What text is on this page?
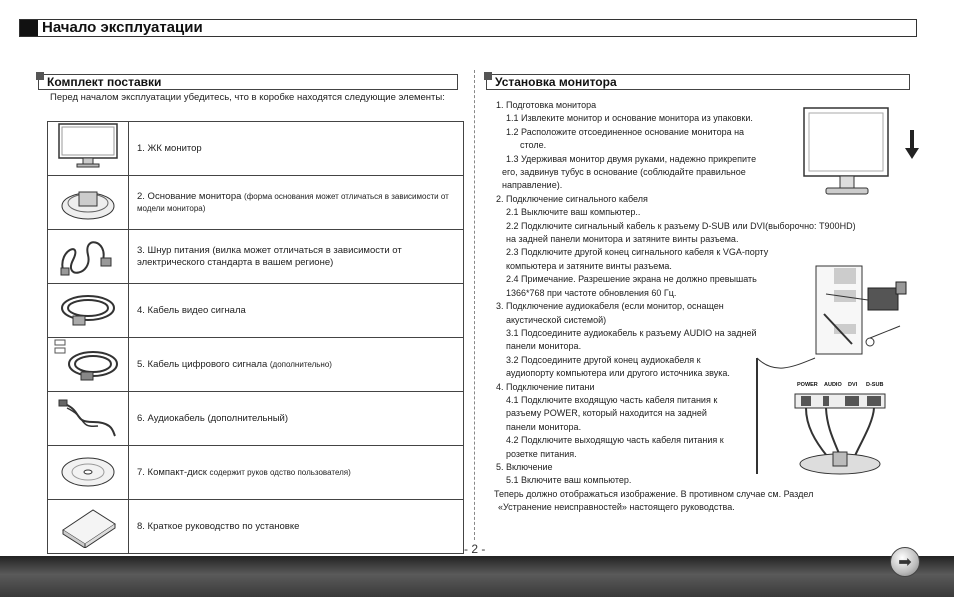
Начало эксплуатации
Комплект поставки
Перед началом эксплуатации убедитесь, что в коробке находятся следующие элементы:
	1. ЖК монитор
	2. Основание монитора (форма основания может отличаться в зависимости от модели монитора)
	3. Шнур питания (вилка может отличаться в зависимости от электрического стандарта в вашем регионе)
	4. Кабель видео сигнала
	5. Кабель цифрового сигнала (дополнительно)
	6. Аудиокабель (дополнительный)
	7. Компакт-диск содержит руков одство пользователя)
	8. Краткое руководство по установке
Установка монитора
1. Подготовка монитора
1.1 Извлеките монитор и основание монитора из упаковки.
1.2 Расположите отсоединенное основание монитора на
столе.
1.3 Удерживая монитор двумя руками, надежно прикрепите
его, задвинув тубус в основание (соблюдайте правильное
направление).
2. Подключение сигнального кабеля
2.1 Выключите ваш компьютер..
2.2 Подключите сигнальный кабель к разъему D-SUB или DVI(выборочно: T900HD)
на задней панели монитора и затяните винты разъема.
2.3 Подключите другой конец сигнального кабеля к VGA-порту
компьютера и затяните винты разъема.
2.4 Примечание. Разрешение экрана не должно превышать
1366*768 при частоте обновления 60 Гц.
3. Подключение аудиокабеля (если монитор, оснащен
акустической системой)
3.1 Подсоедините аудиокабель к разъему AUDIO на задней
панели монитора.
3.2 Подсоедините другой конец аудиокабеля к
аудиопорту компьютера или другого источника звука.
4. Подключение питани
4.1 Подключите входящую часть кабеля питания к
разъему POWER, который находится на задней
панели монитора.
4.2 Подключите выходящую часть кабеля питания к
розетке питания.
5. Включение
5.1 Включите ваш компьютер.
Теперь должно отображаться изображение. В противном случае см. Раздел
«Устранение неисправностей» настоящего руководства.
POWER AUDIO DVI D-SUB
- 2 -
➡
